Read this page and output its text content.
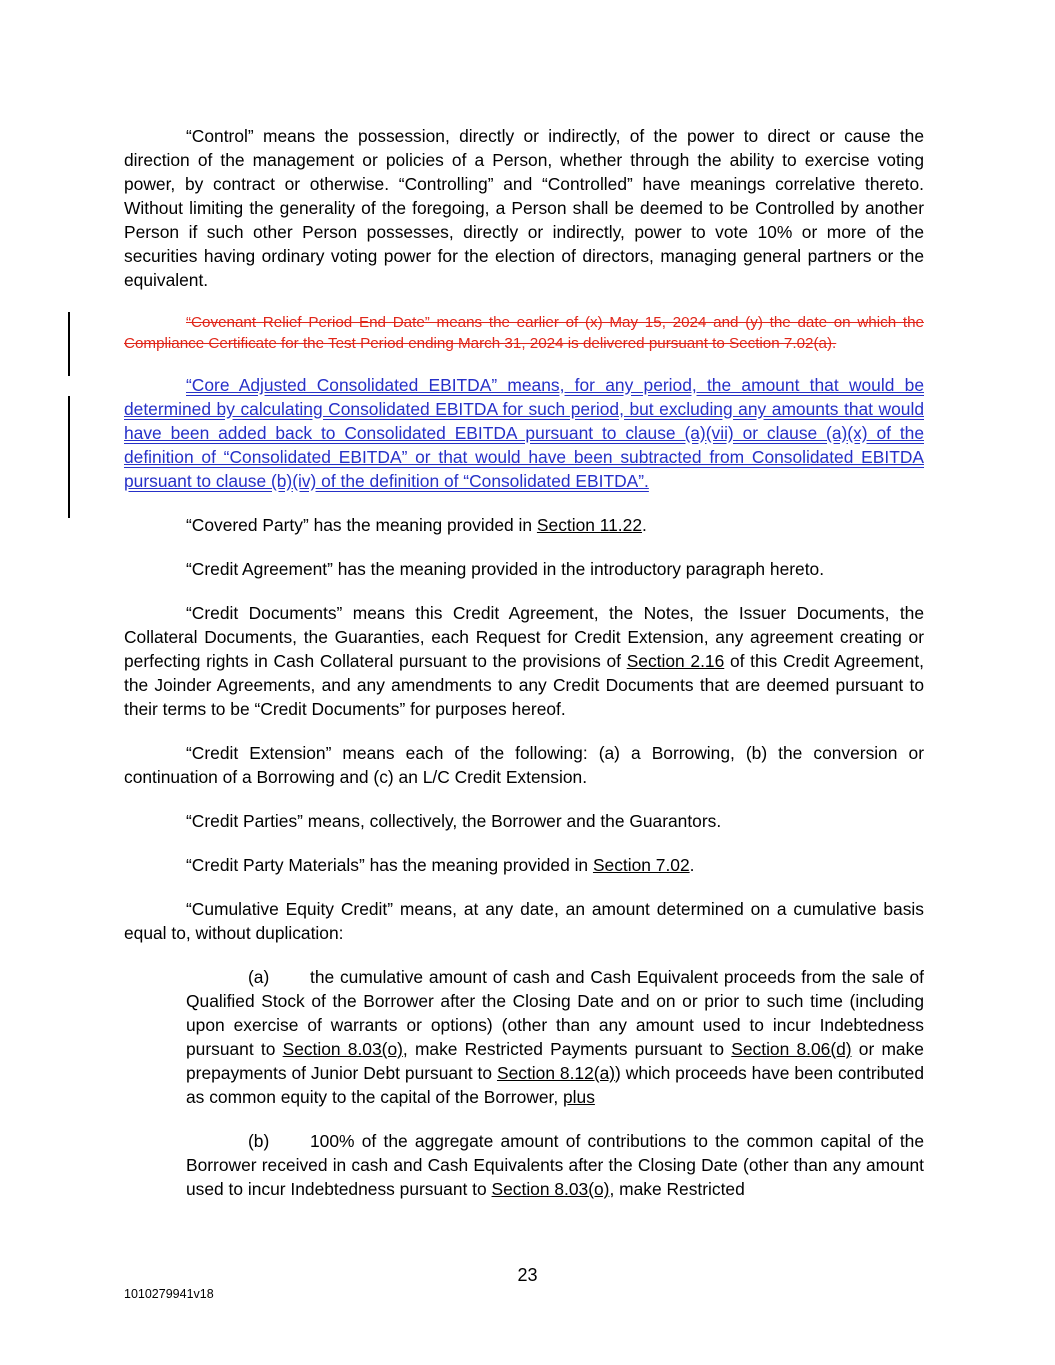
“Control” means the possession, directly or indirectly, of the power to direct or cause the direction of the management or policies of a Person, whether through the ability to exercise voting power, by contract or otherwise. “Controlling” and “Controlled” have meanings correlative thereto. Without limiting the generality of the foregoing, a Person shall be deemed to be Controlled by another Person if such other Person possesses, directly or indirectly, power to vote 10% or more of the securities having ordinary voting power for the election of directors, managing general partners or the equivalent.

“Covenant Relief Period End Date” means the earlier of (x) May 15, 2024 and (y) the date on which the Compliance Certificate for the Test Period ending March 31, 2024 is delivered pursuant to Section 7.02(a).

“Core Adjusted Consolidated EBITDA” means, for any period, the amount that would be determined by calculating Consolidated EBITDA for such period, but excluding any amounts that would have been added back to Consolidated EBITDA pursuant to clause (a)(vii) or clause (a)(x) of the definition of “Consolidated EBITDA” or that would have been subtracted from Consolidated EBITDA pursuant to clause (b)(iv) of the definition of “Consolidated EBITDA”.

“Covered Party” has the meaning provided in Section 11.22.

“Credit Agreement” has the meaning provided in the introductory paragraph hereto.

“Credit Documents” means this Credit Agreement, the Notes, the Issuer Documents, the Collateral Documents, the Guaranties, each Request for Credit Extension, any agreement creating or perfecting rights in Cash Collateral pursuant to the provisions of Section 2.16 of this Credit Agreement, the Joinder Agreements, and any amendments to any Credit Documents that are deemed pursuant to their terms to be “Credit Documents” for purposes hereof.

“Credit Extension” means each of the following: (a) a Borrowing, (b) the conversion or continuation of a Borrowing and (c) an L/C Credit Extension.

“Credit Parties” means, collectively, the Borrower and the Guarantors.

“Credit Party Materials” has the meaning provided in Section 7.02.

“Cumulative Equity Credit” means, at any date, an amount determined on a cumulative basis equal to, without duplication:

(a) the cumulative amount of cash and Cash Equivalent proceeds from the sale of Qualified Stock of the Borrower after the Closing Date and on or prior to such time (including upon exercise of warrants or options) (other than any amount used to incur Indebtedness pursuant to Section 8.03(o), make Restricted Payments pursuant to Section 8.06(d) or make prepayments of Junior Debt pursuant to Section 8.12(a)) which proceeds have been contributed as common equity to the capital of the Borrower, plus

(b) 100% of the aggregate amount of contributions to the common capital of the Borrower received in cash and Cash Equivalents after the Closing Date (other than any amount used to incur Indebtedness pursuant to Section 8.03(o), make Restricted

23
1010279941v18
